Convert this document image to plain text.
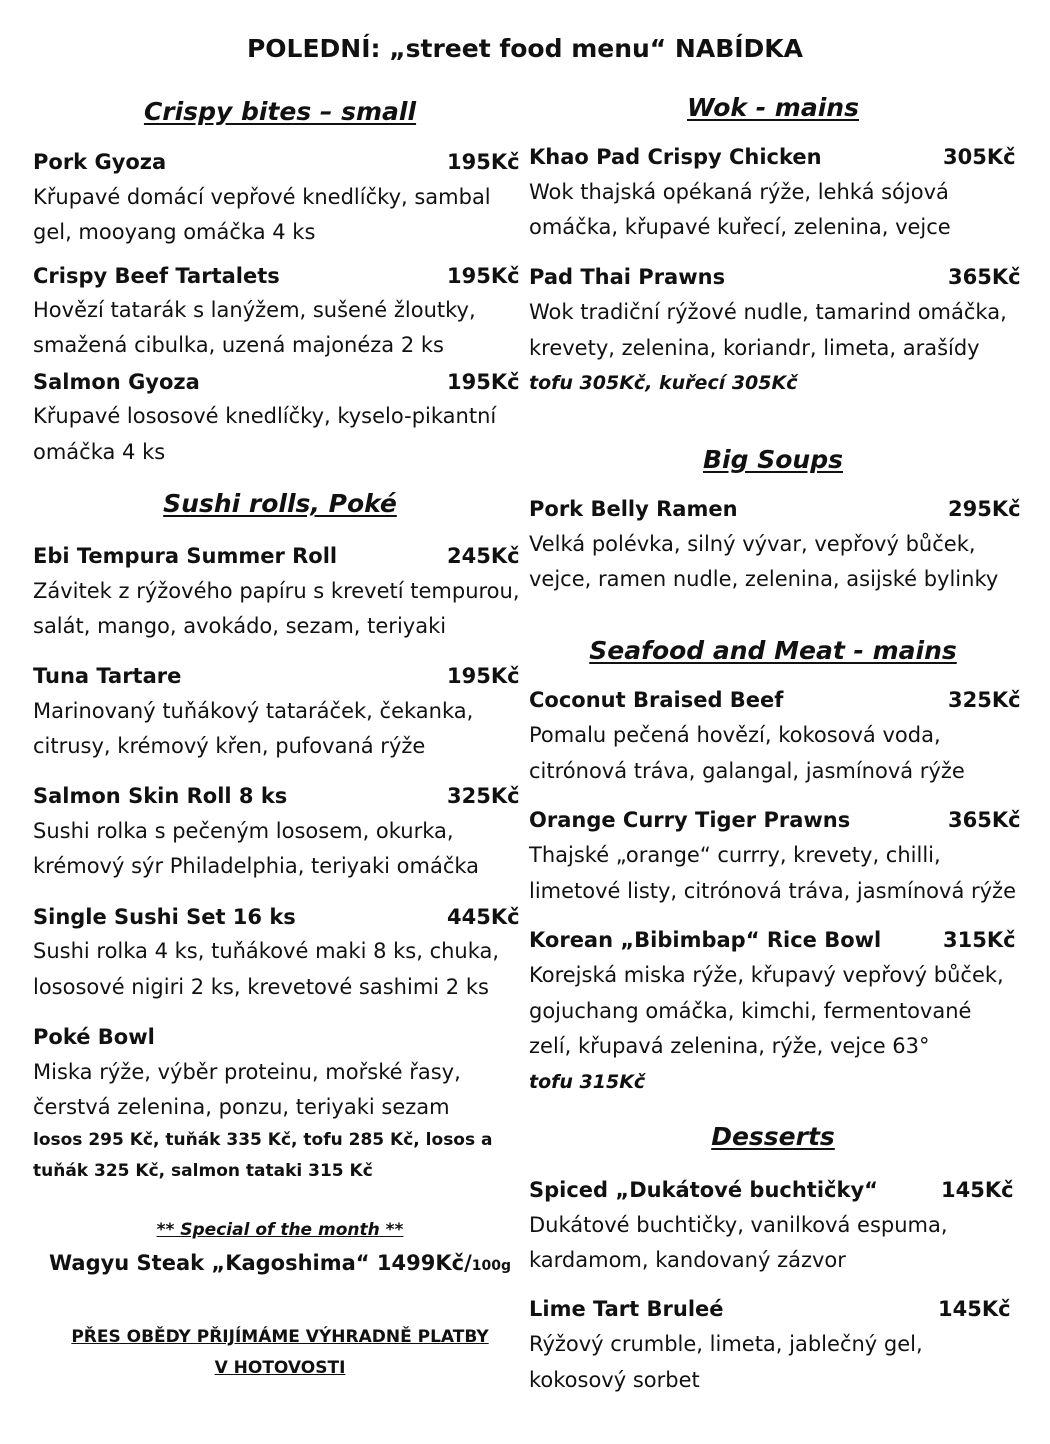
POLEDNÍ: „street food menu“ NABÍDKA
Crispy bites – small
Pork Gyoza	195Kč
Křupavé domácí vepřové knedlíčky, sambal
gel, mooyang omáčka 4 ks
Crispy Beef Tartalets	195Kč
Hovězí tatarák s lanýžem, sušené žloutky,
smažená cibulka, uzená majonéza 2 ks
Salmon Gyoza	195Kč
Křupavé lososové knedlíčky, kyselo-pikantní
omáčka 4 ks
Sushi rolls, Poké
Ebi Tempura Summer Roll	245Kč
Závitek z rýžového papíru s krevetí tempurou,
salát, mango, avokádo, sezam, teriyaki
Tuna Tartare	195Kč
Marinovaný tuňákový tataráček, čekanka,
citrusy, krémový křen, pufovaná rýže
Salmon Skin Roll 8 ks	325Kč
Sushi rolka s pečeným lososem, okurka,
krémový sýr Philadelphia, teriyaki omáčka
Single Sushi Set 16 ks	445Kč
Sushi rolka 4 ks, tuňákové maki 8 ks, chuka,
lososové nigiri 2 ks, krevetové sashimi 2 ks
Poké Bowl
Miska rýže, výběr proteinu, mořské řasy,
čerstvá zelenina, ponzu, teriyaki sezam
losos 295 Kč, tuňák 335 Kč, tofu 285 Kč, losos a
tuňák 325 Kč, salmon tataki 315 Kč
** Special of the month **
Wagyu Steak „Kagoshima“ 1499Kč/100g
PŘES OBĚDY PŘIJÍMÁME VÝHRADNĚ PLATBY
V HOTOVOSTI
Wok - mains
Khao Pad Crispy Chicken	305Kč
Wok thajská opékaná rýže, lehká sójová
omáčka, křupavé kuřecí, zelenina, vejce
Pad Thai Prawns	365Kč
Wok tradiční rýžové nudle, tamarind omáčka,
krevety, zelenina, koriandr, limeta, arašídy
tofu 305Kč, kuřecí 305Kč
Big Soups
Pork Belly Ramen	295Kč
Velká polévka, silný vývar, vepřový bůček,
vejce, ramen nudle, zelenina, asijské bylinky
Seafood and Meat - mains
Coconut Braised Beef	325Kč
Pomalu pečená hovězí, kokosová voda,
citrónová tráva, galangal, jasmínová rýže
Orange Curry Tiger Prawns	365Kč
Thajské „orange“ currry, krevety, chilli,
limetové listy, citrónová tráva, jasmínová rýže
Korean „Bibimbap“ Rice Bowl	315Kč
Korejská miska rýže, křupavý vepřový bůček,
gojuchang omáčka, kimchi, fermentované
zelí, křupavá zelenina, rýže, vejce 63°
tofu 315Kč
Desserts
Spiced „Dukátové buchtičky“	145Kč
Dukátové buchtičky, vanilková espuma,
kardamom, kandovaný zázvor
Lime Tart Bruleé	145Kč
Rýžový crumble, limeta, jablečný gel,
kokosový sorbet
